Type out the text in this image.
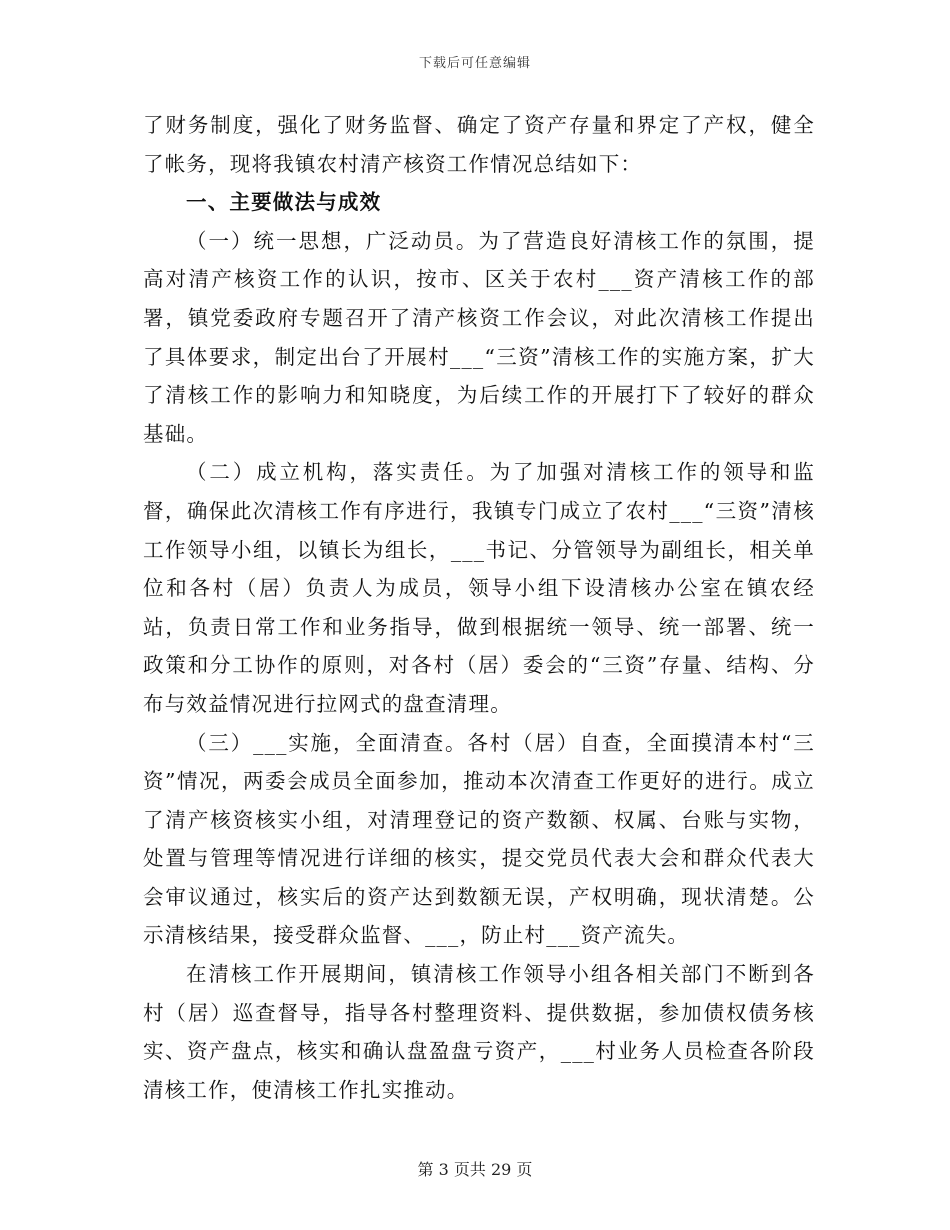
下载后可任意编辑

了财务制度，强化了财务监督、确定了资产存量和界定了产权，健全了帐务，现将我镇农村清产核资工作情况总结如下：

一、主要做法与成效

（一）统一思想，广泛动员。为了营造良好清核工作的氛围，提高对清产核资工作的认识，按市、区关于农村___资产清核工作的部署，镇党委政府专题召开了清产核资工作会议，对此次清核工作提出了具体要求，制定出台了开展村___“三资”清核工作的实施方案，扩大了清核工作的影响力和知晓度，为后续工作的开展打下了较好的群众基础。

（二）成立机构，落实责任。为了加强对清核工作的领导和监督，确保此次清核工作有序进行，我镇专门成立了农村___“三资”清核工作领导小组，以镇长为组长，___书记、分管领导为副组长，相关单位和各村（居）负责人为成员，领导小组下设清核办公室在镇农经站，负责日常工作和业务指导，做到根据统一领导、统一部署、统一政策和分工协作的原则，对各村（居）委会的“三资”存量、结构、分布与效益情况进行拉网式的盘查清理。

（三）___实施，全面清查。各村（居）自查，全面摸清本村“三资”情况，两委会成员全面参加，推动本次清查工作更好的进行。成立了清产核资核实小组，对清理登记的资产数额、权属、台账与实物，处置与管理等情况进行详细的核实，提交党员代表大会和群众代表大会审议通过，核实后的资产达到数额无误，产权明确，现状清楚。公示清核结果，接受群众监督、___，防止村___资产流失。

在清核工作开展期间，镇清核工作领导小组各相关部门不断到各村（居）巡查督导，指导各村整理资料、提供数据，参加债权债务核实、资产盘点，核实和确认盘盈盘亏资产，___村业务人员检查各阶段清核工作，使清核工作扎实推动。

第 3 页共 29 页
